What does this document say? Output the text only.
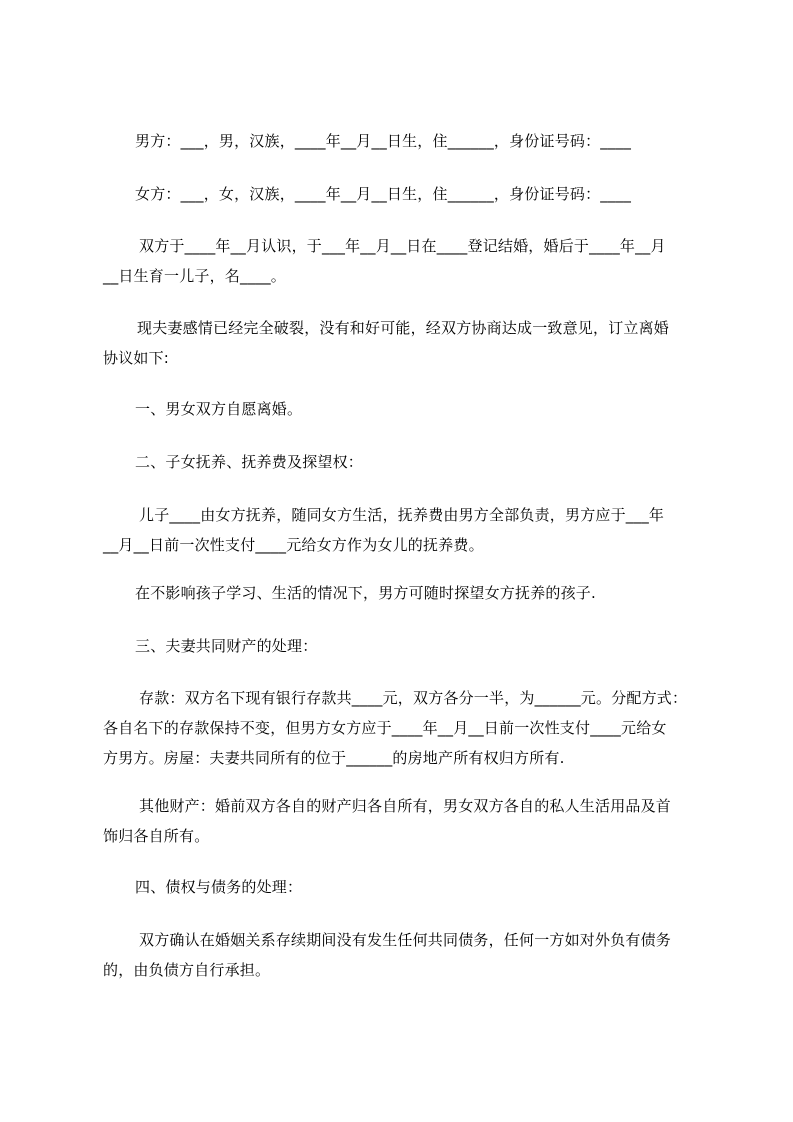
男方：___，男，汉族，____年__月__日生，住______，身份证号码：____

女方：___，女，汉族，____年__月__日生，住______，身份证号码：____

双方于____年__月认识，于___年__月__日在____登记结婚，婚后于____年__月
__日生育一儿子，名____。

现夫妻感情已经完全破裂，没有和好可能，经双方协商达成一致意见，订立离婚
协议如下:

一、男女双方自愿离婚。

二、子女抚养、抚养费及探望权：

儿子____由女方抚养，随同女方生活，抚养费由男方全部负责，男方应于___年
__月__日前一次性支付____元给女方作为女儿的抚养费。

在不影响孩子学习、生活的情况下，男方可随时探望女方抚养的孩子.

三、夫妻共同财产的处理：

存款：双方名下现有银行存款共____元，双方各分一半，为______元。分配方式：
各自名下的存款保持不变，但男方女方应于____年__月__日前一次性支付____元给女
方男方。房屋：夫妻共同所有的位于______的房地产所有权归方所有.

其他财产：婚前双方各自的财产归各自所有，男女双方各自的私人生活用品及首
饰归各自所有。

四、债权与债务的处理：

双方确认在婚姻关系存续期间没有发生任何共同债务，任何一方如对外负有债务
的，由负债方自行承担。
